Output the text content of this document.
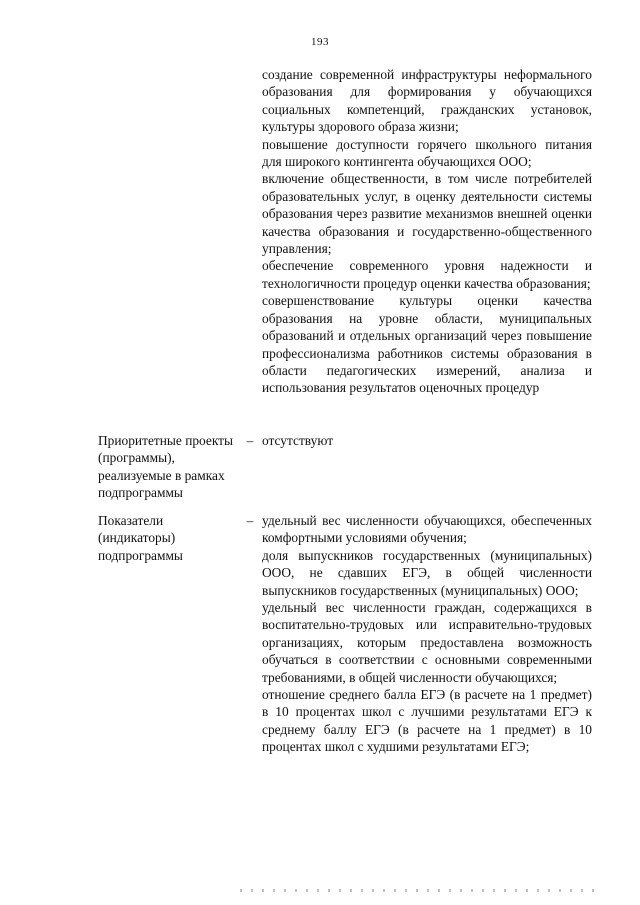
193

создание современной инфраструктуры неформального образования для формирования у обучающихся социальных компетенций, гражданских установок, культуры здорового образа жизни;

повышение доступности горячего школьного питания для широкого контингента обучающихся ООО;

включение общественности, в том числе потребителей образовательных услуг, в оценку деятельности системы образования через развитие механизмов внешней оценки качества образования и государственно-общественного управления;

обеспечение современного уровня надежности и технологичности процедур оценки качества образования;

совершенствование культуры оценки качества образования на уровне области, муниципальных образований и отдельных организаций через повышение профессионализма работников системы образования в области педагогических измерений, анализа и использования результатов оценочных процедур

Приоритетные проекты (программы), реализуемые в рамках подпрограммы
– отсутствуют

Показатели (индикаторы) подпрограммы
– удельный вес численности обучающихся, обеспеченных комфортными условиями обучения;

доля выпускников государственных (муниципальных) ООО, не сдавших ЕГЭ, в общей численности выпускников государственных (муниципальных) ООО;

удельный вес численности граждан, содержащихся в воспитательно-трудовых или исправительно-трудовых организациях, которым предоставлена возможность обучаться в соответствии с основными современными требованиями, в общей численности обучающихся;

отношение среднего балла ЕГЭ (в расчете на 1 предмет) в 10 процентах школ с лучшими результатами ЕГЭ к среднему баллу ЕГЭ (в расчете на 1 предмет) в 10 процентах школ с худшими результатами ЕГЭ;
